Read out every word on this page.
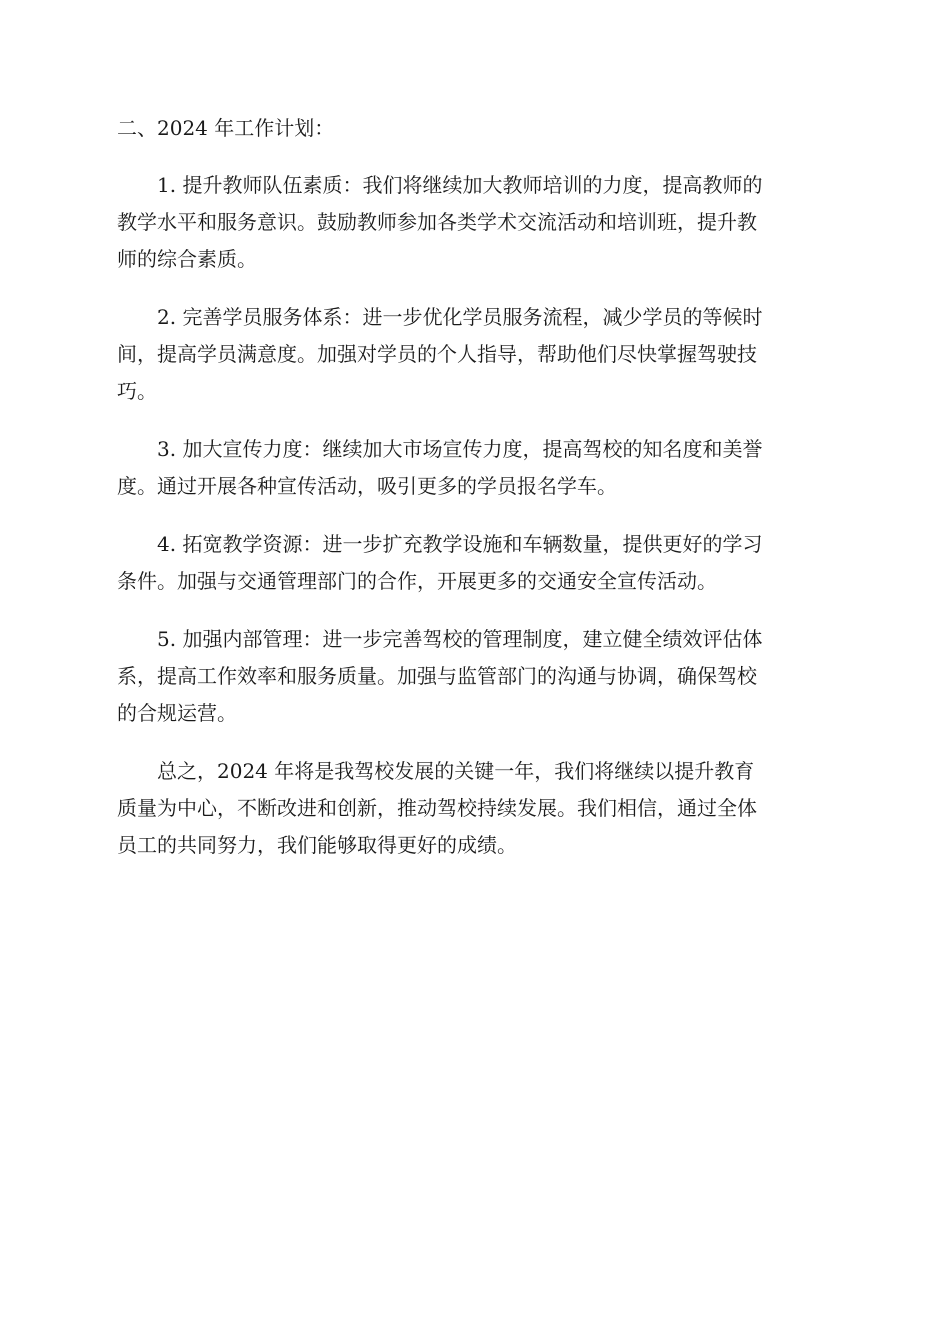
二、2024 年工作计划：

1. 提升教师队伍素质：我们将继续加大教师培训的力度，提高教师的
教学水平和服务意识。鼓励教师参加各类学术交流活动和培训班，提升教
师的综合素质。

2. 完善学员服务体系：进一步优化学员服务流程，减少学员的等候时
间，提高学员满意度。加强对学员的个人指导，帮助他们尽快掌握驾驶技
巧。

3. 加大宣传力度：继续加大市场宣传力度，提高驾校的知名度和美誉
度。通过开展各种宣传活动，吸引更多的学员报名学车。

4. 拓宽教学资源：进一步扩充教学设施和车辆数量，提供更好的学习
条件。加强与交通管理部门的合作，开展更多的交通安全宣传活动。

5. 加强内部管理：进一步完善驾校的管理制度，建立健全绩效评估体
系，提高工作效率和服务质量。加强与监管部门的沟通与协调，确保驾校
的合规运营。

总之，2024 年将是我驾校发展的关键一年，我们将继续以提升教育
质量为中心，不断改进和创新，推动驾校持续发展。我们相信，通过全体
员工的共同努力，我们能够取得更好的成绩。
